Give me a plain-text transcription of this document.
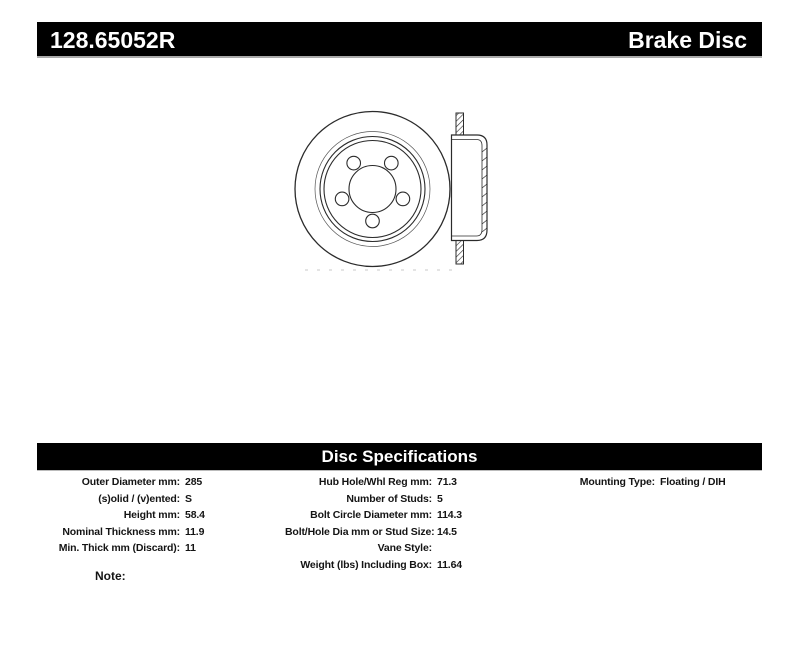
128.65052R	Brake Disc
Disc Specifications
Outer Diameter mm: 285
(s)olid / (v)ented: S
Height mm: 58.4
Nominal Thickness mm: 11.9
Min. Thick mm (Discard): 11
Hub Hole/Whl Reg mm: 71.3
Number of Studs: 5
Bolt Circle Diameter mm: 114.3
Bolt/Hole Dia mm or Stud Size: 14.5
Vane Style:
Weight (lbs) Including Box: 11.64
Mounting Type: Floating / DIH
Note:
